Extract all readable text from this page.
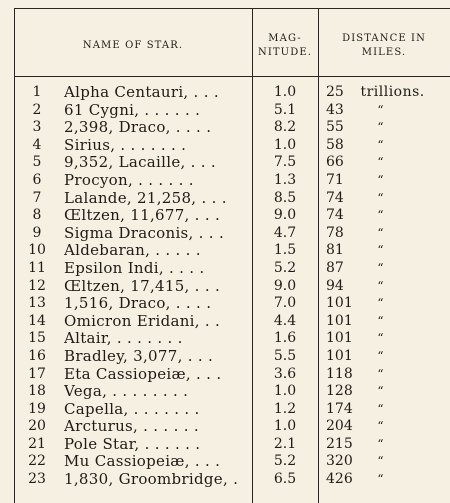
NAME OF STAR.
MAG-
NITUDE.
DISTANCE IN
MILES.
1	Alpha Centauri, . . .	1.0	25 trillions.
2	61 Cygni, . . . . . .	5.1	43	“
3	2,398, Draco, . . . .	8.2	55	“
4	Sirius, . . . . . . .	1.0	58	“
5	9,352, Lacaille, . . .	7.5	66	“
6	Procyon, . . . . . .	1.3	71	“
7	Lalande, 21,258, . . .	8.5	74	“
8	Œltzen, 11,677, . . .	9.0	74	“
9	Sigma Draconis, . . .	4.7	78	“
10	Aldebaran, . . . . .	1.5	81	“
11	Epsilon Indi, . . . .	5.2	87	“
12	Œltzen, 17,415, . . .	9.0	94	“
13	1,516, Draco, . . . .	7.0	101 “
14	Omicron Eridani, . .	4.4	101 “
15	Altair, . . . . . . .	1.6	101 “
16	Bradley, 3,077, . . .	5.5	101 “
17	Eta Cassiopeiæ, . . .	3.6	118 “
18	Vega, . . . . . . . .	1.0	128 “
19	Capella, . . . . . . .	1.2	174 “
20	Arcturus, . . . . . .	1.0	204 “
21	Pole Star, . . . . . .	2.1	215 “
22	Mu Cassiopeiæ, . . .	5.2	320 “
23	1,830, Groombridge, .	6.5	426 “
